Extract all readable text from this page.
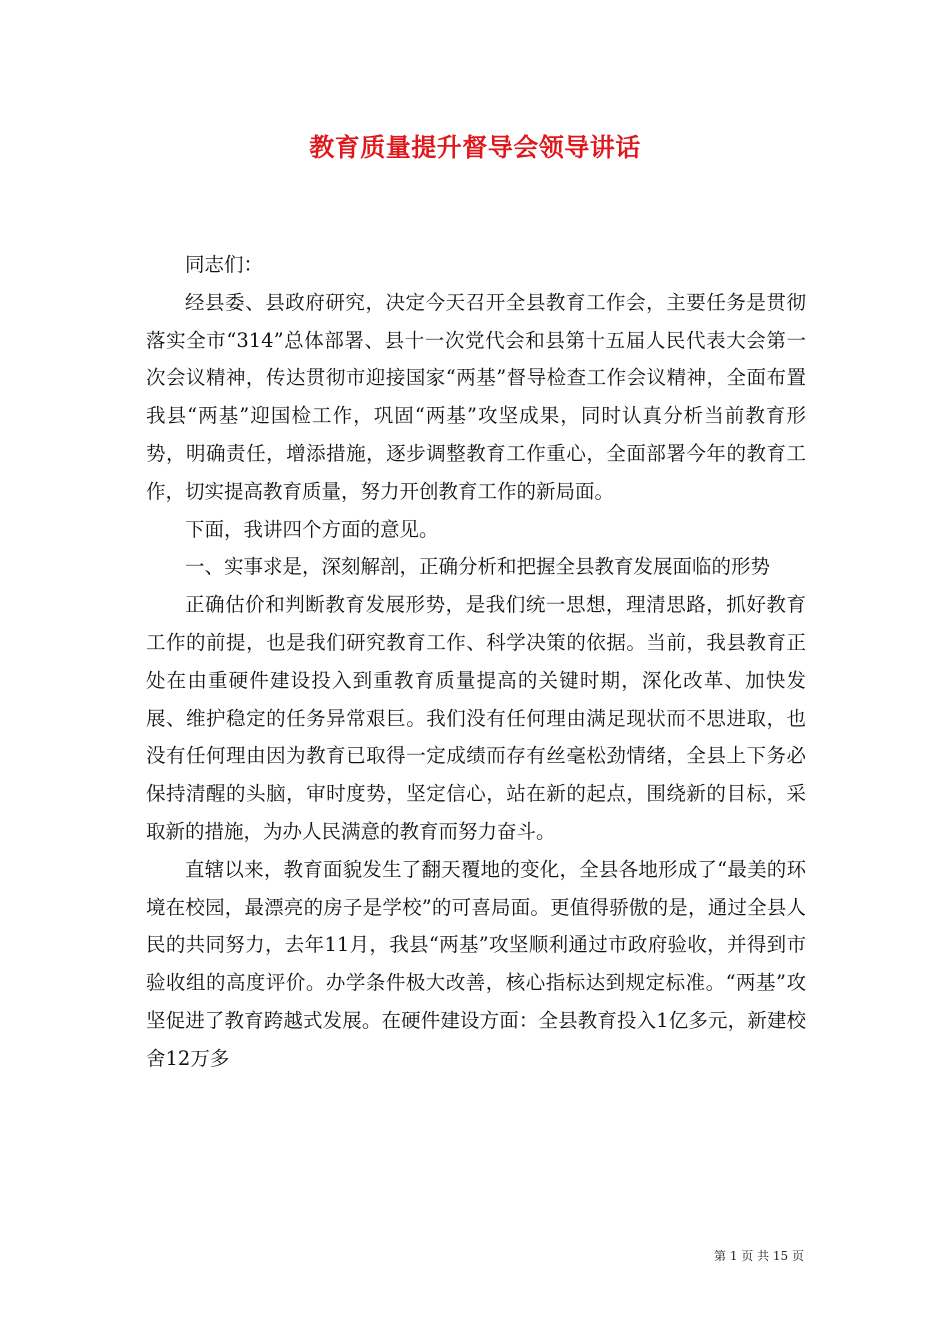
教育质量提升督导会领导讲话

同志们：

经县委、县政府研究，决定今天召开全县教育工作会，主要任务是贯彻落实全市“314”总体部署、县十一次党代会和县第十五届人民代表大会第一次会议精神，传达贯彻市迎接国家“两基”督导检查工作会议精神，全面布置我县“两基”迎国检工作，巩固“两基”攻坚成果，同时认真分析当前教育形势，明确责任，增添措施，逐步调整教育工作重心，全面部署今年的教育工作，切实提高教育质量，努力开创教育工作的新局面。

下面，我讲四个方面的意见。

一、实事求是，深刻解剖，正确分析和把握全县教育发展面临的形势

正确估价和判断教育发展形势，是我们统一思想，理清思路，抓好教育工作的前提，也是我们研究教育工作、科学决策的依据。当前，我县教育正处在由重硬件建设投入到重教育质量提高的关键时期，深化改革、加快发展、维护稳定的任务异常艰巨。我们没有任何理由满足现状而不思进取，也没有任何理由因为教育已取得一定成绩而存有丝毫松劲情绪，全县上下务必保持清醒的头脑，审时度势，坚定信心，站在新的起点，围绕新的目标，采取新的措施，为办人民满意的教育而努力奋斗。

直辖以来，教育面貌发生了翻天覆地的变化，全县各地形成了“最美的环境在校园，最漂亮的房子是学校”的可喜局面。更值得骄傲的是，通过全县人民的共同努力，去年11月，我县“两基”攻坚顺利通过市政府验收，并得到市验收组的高度评价。办学条件极大改善，核心指标达到规定标准。“两基”攻坚促进了教育跨越式发展。在硬件建设方面：全县教育投入1亿多元，新建校舍12万多

第 1 页 共 15 页
